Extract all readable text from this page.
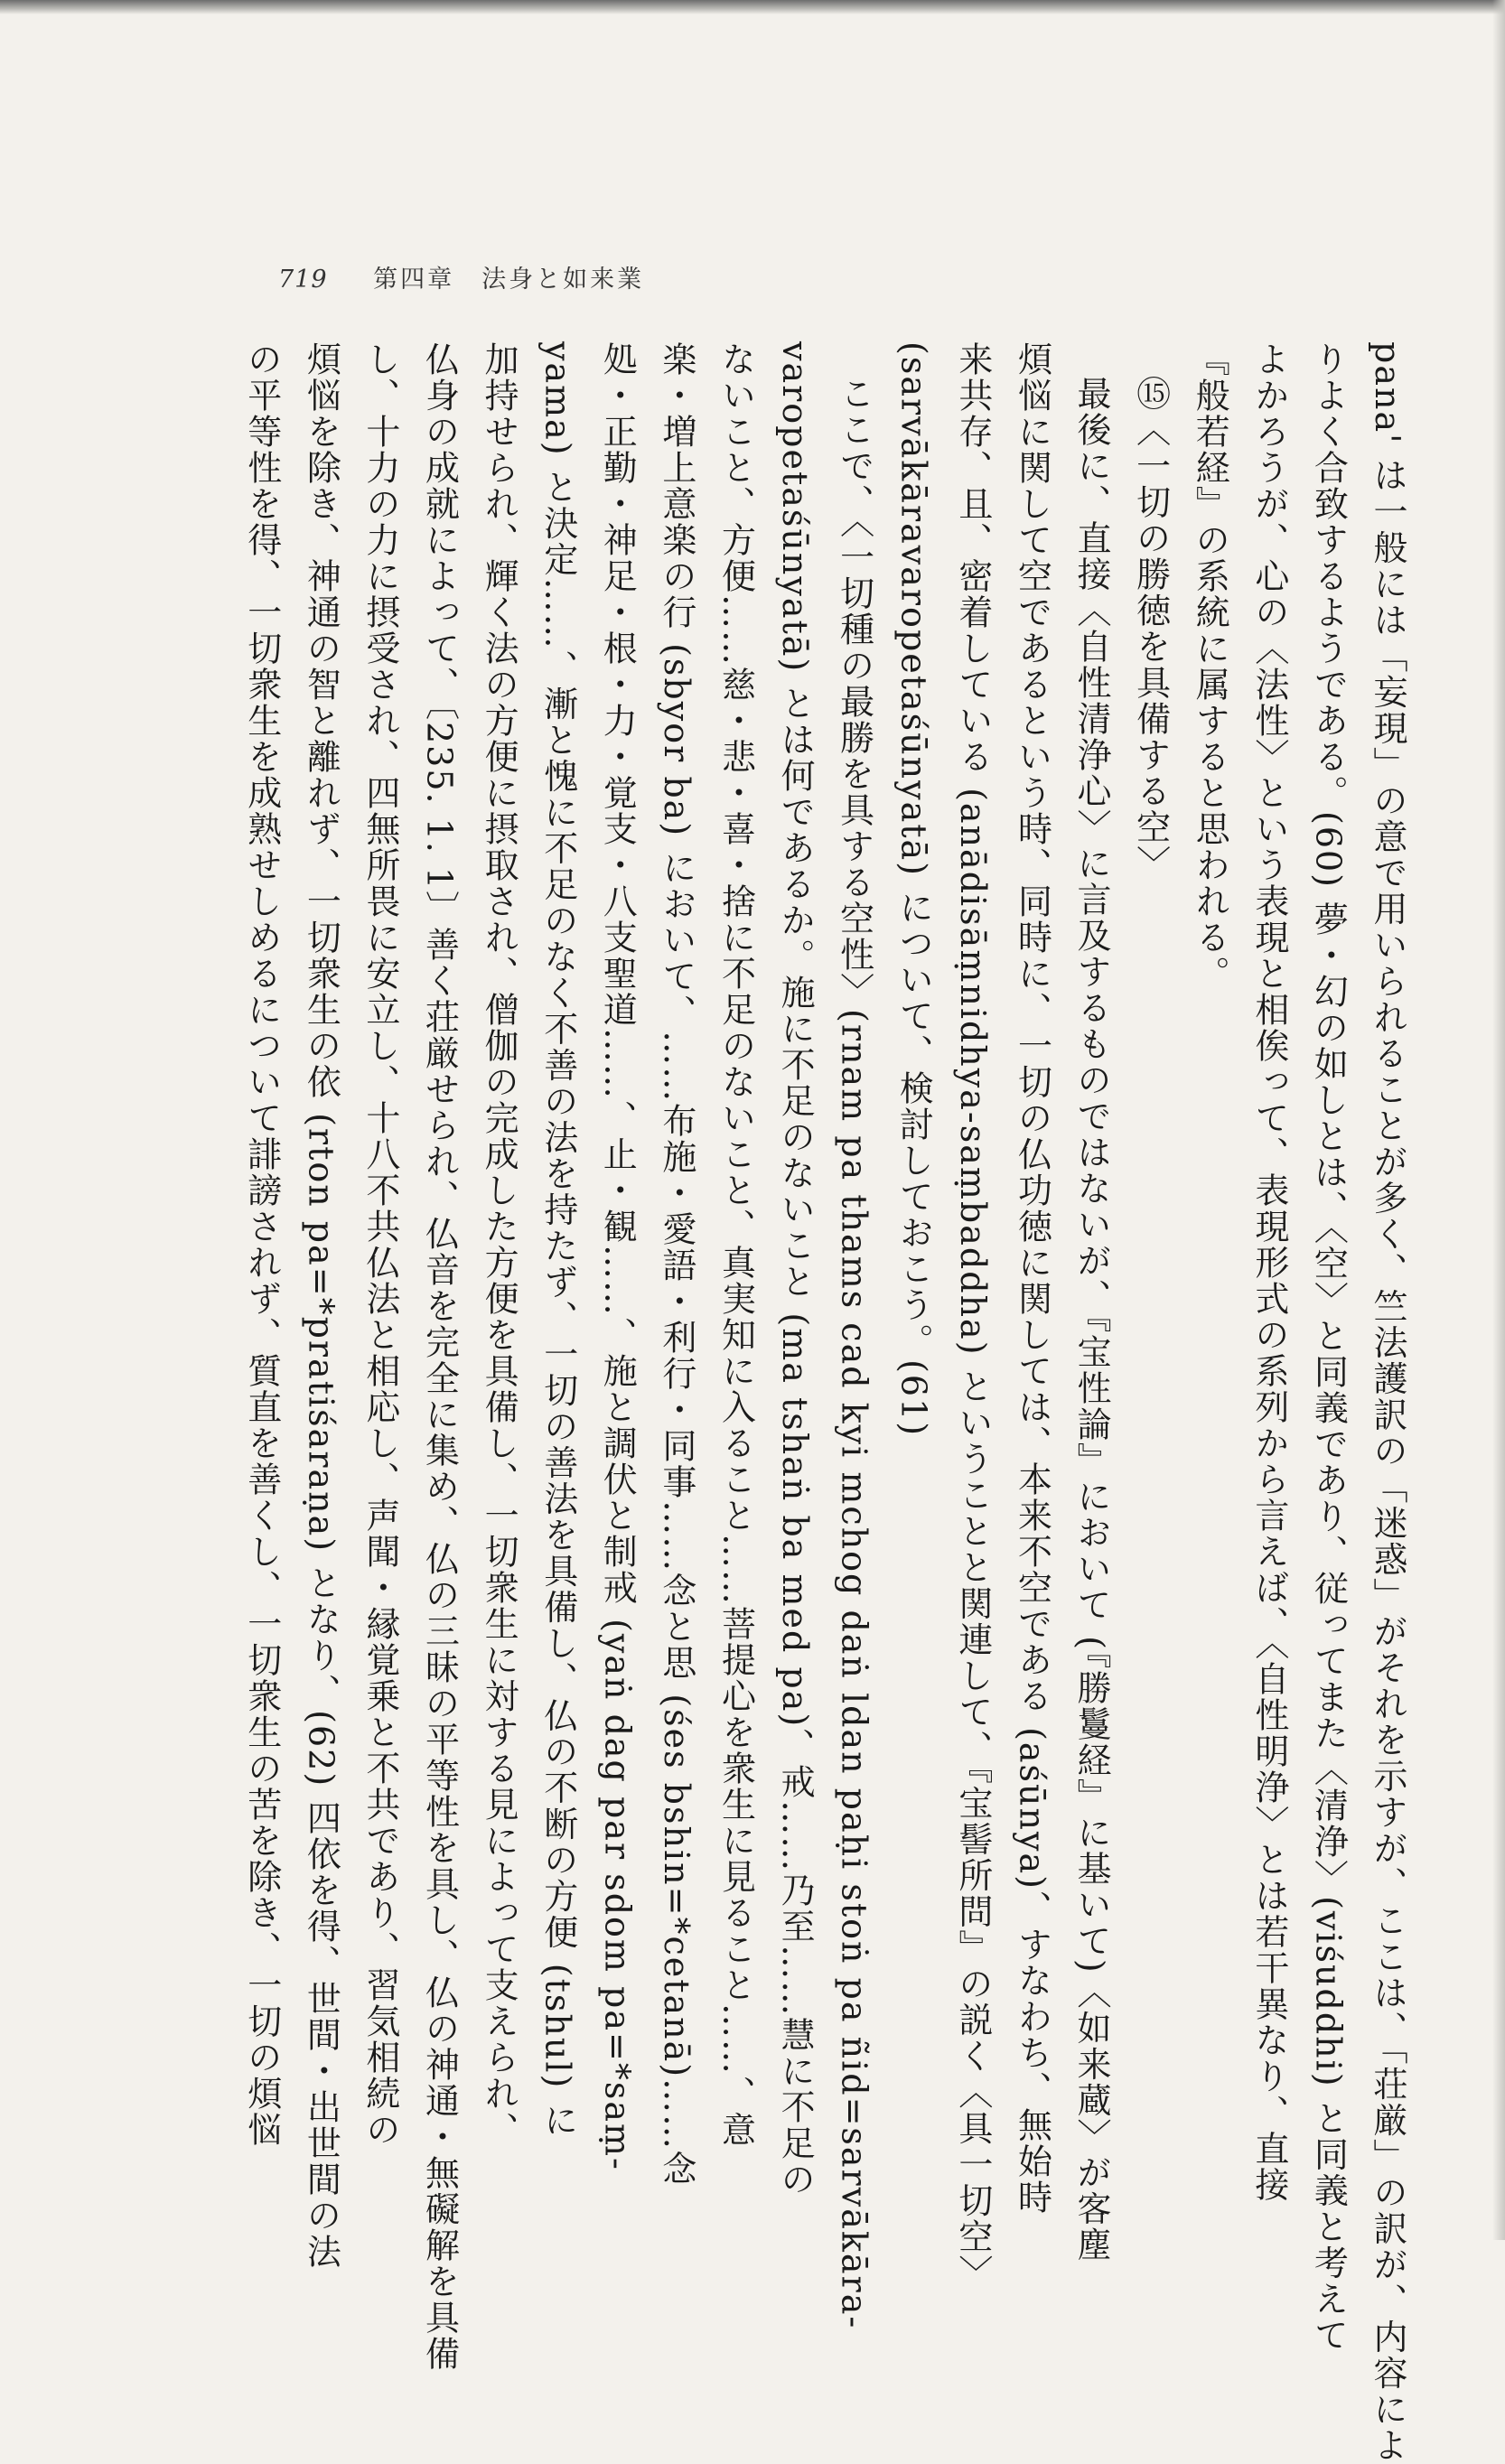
719 第四章　法身と如来業
pana' は一般には「妄現」の意で用いられることが多く、竺法護訳の「迷惑」がそれを示すが、ここは、「荘厳」の訳が、内容によ
りよく合致するようである。(60) 夢・幻の如しとは、〈空〉と同義であり、従ってまた〈清浄〉(viśuddhi) と同義と考えて
よかろうが、心の〈法性〉という表現と相俟って、表現形式の系列から言えば、〈自性明浄〉とは若干異なり、直接
『般若経』の系統に属すると思われる。
⑮〈一切の勝徳を具備する空〉
最後に、直接〈自性清浄心〉に言及するものではないが、『宝性論』において (『勝鬘経』に基いて)〈如来蔵〉が客塵
煩悩に関して空であるという時、同時に、一切の仏功徳に関しては、本来不空である (aśūnya)、すなわち、無始時
来共存、且、密着している (anādisāṃnidhya-saṃbaddha) ということと関連して、『宝髻所問』の説く〈具一切空〉
(sarvākāravaropetaśūnyatā) について、検討しておこう。(61)
ここで、〈一切種の最勝を具する空性〉(rnam pa thams cad kyi mchog daṅ ldan paḥi stoṅ pa ñid=sarvākāra-
varopetaśūnyatā) とは何であるか。施に不足のないこと (ma tshaṅ ba med pa)、戒……乃至……慧に不足の
ないこと、方便……慈・悲・喜・捨に不足のないこと、真実知に入ること……菩提心を衆生に見ること……、意
楽・増上意楽の行 (sbyor ba) において、……布施・愛語・利行・同事……念と思 (śes bshin=*cetanā)……念
処・正勤・神足・根・力・覚支・八支聖道……、止・観……、施と調伏と制戒 (yaṅ dag par sdom pa=*saṃ-
yama) と決定……、漸と愧に不足のなく不善の法を持たず、一切の善法を具備し、仏の不断の方便 (tshul) に
加持せられ、輝く法の方便に摂取され、僧伽の完成した方便を具備し、一切衆生に対する見によって支えられ、
仏身の成就によって、〔235. 1. 1〕善く荘厳せられ、仏音を完全に集め、仏の三昧の平等性を具し、仏の神通・無礙解を具備
し、十力の力に摂受され、四無所畏に安立し、十八不共仏法と相応し、声聞・縁覚乗と不共であり、習気相続の
煩悩を除き、神通の智と離れず、一切衆生の依 (rton pa=*pratiśaraṇa) となり、(62) 四依を得、世間・出世間の法
の平等性を得、一切衆生を成熟せしめるについて誹謗されず、質直を善くし、一切衆生の苦を除き、一切の煩悩
